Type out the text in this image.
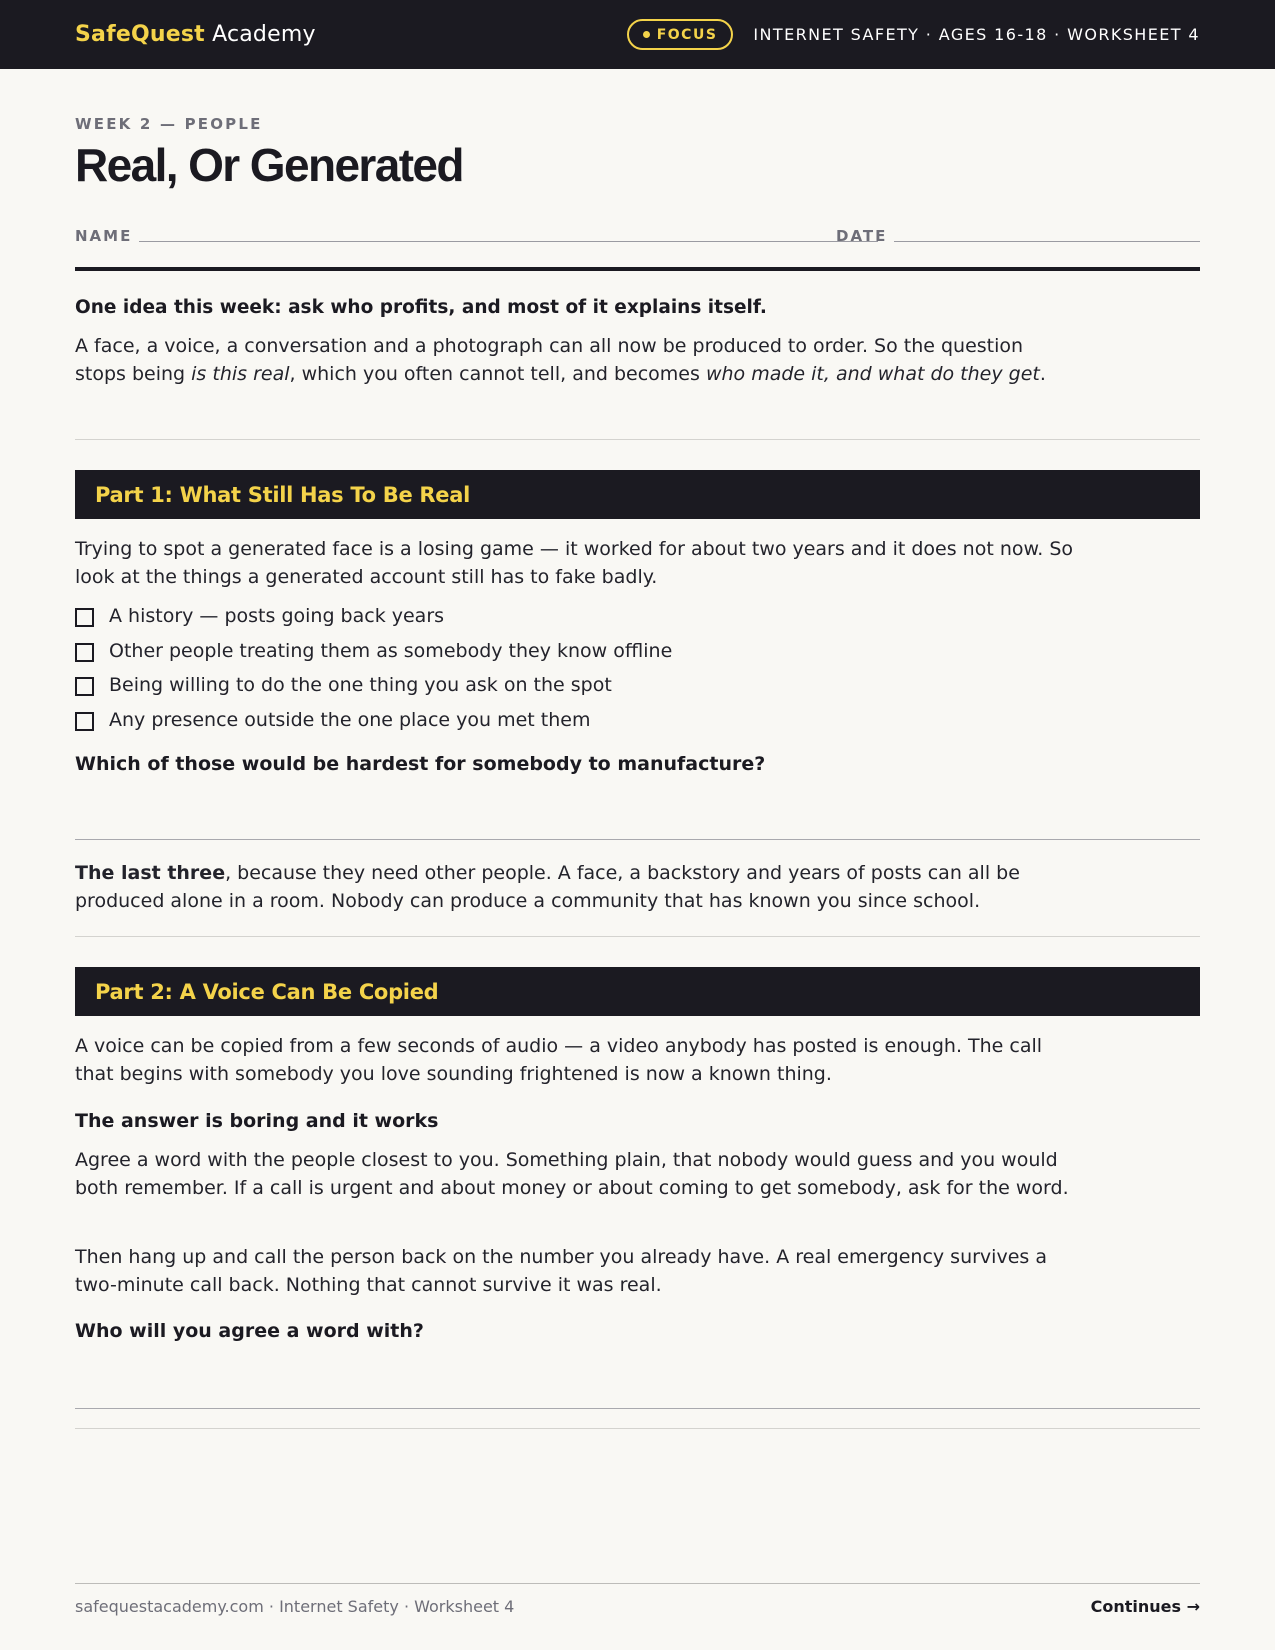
SafeQuest Academy	FOCUS INTERNET SAFETY · AGES 16-18 · WORKSHEET 4
WEEK 2 — PEOPLE
Real, Or Generated
NAME	DATE
One idea this week: ask who profits, and most of it explains itself.

A face, a voice, a conversation and a photograph can all now be produced to order. So the question stops being is this real, which you often cannot tell, and becomes who made it, and what do they get.

Part 1: What Still Has To Be Real

Trying to spot a generated face is a losing game — it worked for about two years and it does not now. So look at the things a generated account still has to fake badly.

A history — posts going back years
Other people treating them as somebody they know offline
Being willing to do the one thing you ask on the spot
Any presence outside the one place you met them
Which of those would be hardest for somebody to manufacture?

The last three, because they need other people. A face, a backstory and years of posts can all be produced alone in a room. Nobody can produce a community that has known you since school.

Part 2: A Voice Can Be Copied

A voice can be copied from a few seconds of audio — a video anybody has posted is enough. The call that begins with somebody you love sounding frightened is now a known thing.

The answer is boring and it works

Agree a word with the people closest to you. Something plain, that nobody would guess and you would both remember. If a call is urgent and about money or about coming to get somebody, ask for the word.

Then hang up and call the person back on the number you already have. A real emergency survives a two-minute call back. Nothing that cannot survive it was real.

Who will you agree a word with?
safequestacademy.com · Internet Safety · Worksheet 4	Continues →
